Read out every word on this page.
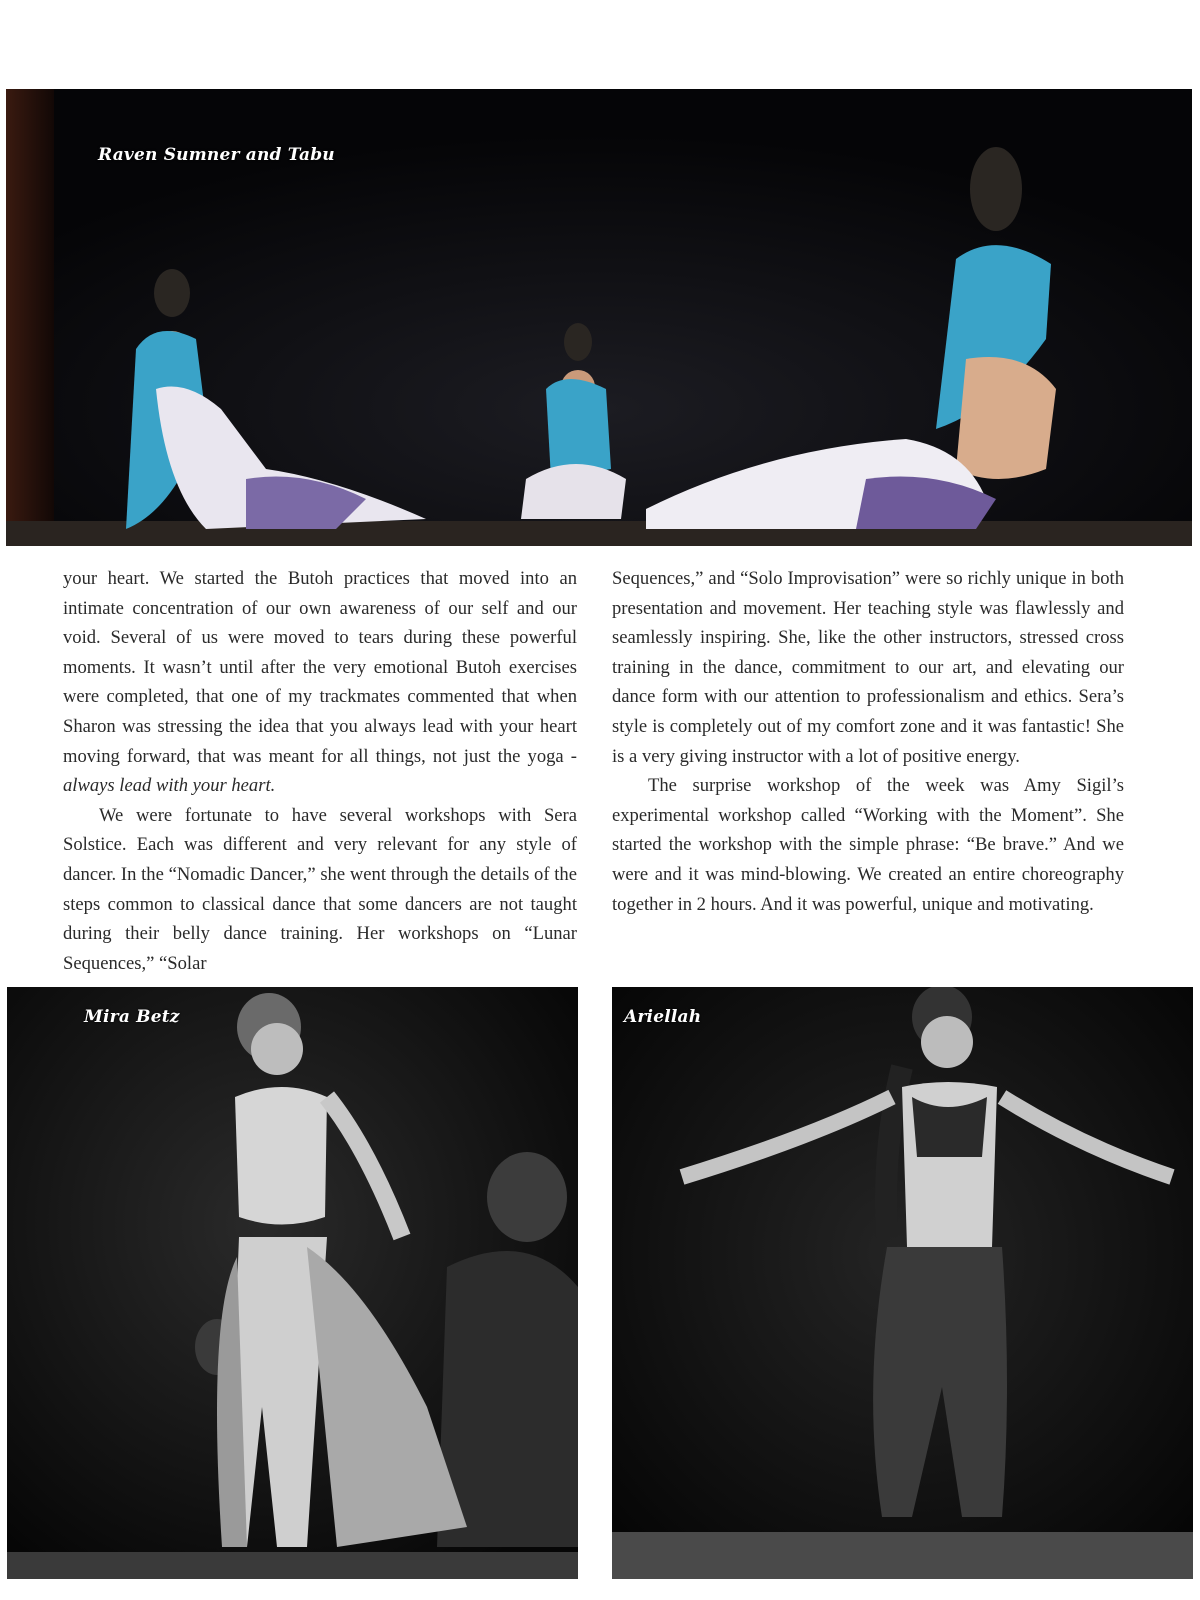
Raven Sumner and Tabu

your heart. We started the Butoh practices that moved into an intimate concentration of our own awareness of our self and our void. Several of us were moved to tears during these powerful moments. It wasn’t until after the very emotional Butoh exercises were completed, that one of my trackmates commented that when Sharon was stressing the idea that you always lead with your heart moving forward, that was meant for all things, not just the yoga - always lead with your heart.

We were fortunate to have several workshops with Sera Solstice. Each was different and very relevant for any style of dancer. In the “Nomadic Dancer,” she went through the details of the steps common to classical dance that some dancers are not taught during their belly dance training. Her workshops on “Lunar Sequences,” “Solar

Sequences,” and “Solo Improvisation” were so richly unique in both presentation and movement. Her teaching style was flawlessly and seamlessly inspiring. She, like the other instructors, stressed cross training in the dance, commitment to our art, and elevating our dance form with our attention to professionalism and ethics. Sera’s style is completely out of my comfort zone and it was fantastic! She is a very giving instructor with a lot of positive energy.

The surprise workshop of the week was Amy Sigil’s experimental workshop called “Working with the Moment”. She started the workshop with the simple phrase: “Be brave.” And we were and it was mind-blowing. We created an entire choreography together in 2 hours. And it was powerful, unique and motivating.

Mira Betz	Ariellah
